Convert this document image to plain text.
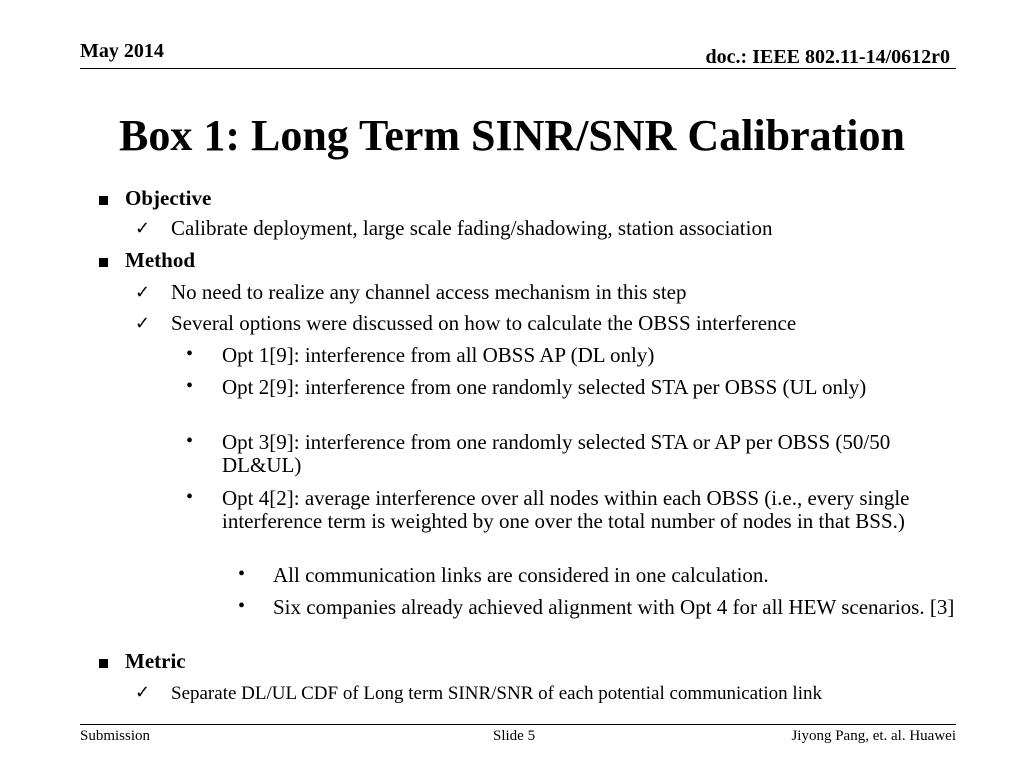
May 2014	doc.: IEEE 802.11-14/0612r0
Box 1: Long Term SINR/SNR Calibration
Objective
✓ Calibrate deployment, large scale fading/shadowing, station association
Method
✓ No need to realize any channel access mechanism in this step
✓ Several options were discussed on how to calculate the OBSS interference
• Opt 1[9]: interference from all OBSS AP (DL only)
• Opt 2[9]: interference from one randomly selected STA per OBSS (UL only)
• Opt 3[9]: interference from one randomly selected STA or AP per OBSS (50/50 DL&UL)
• Opt 4[2]: average interference over all nodes within each OBSS (i.e., every single interference term is weighted by one over the total number of nodes in that BSS.)
• All communication links are considered in one calculation.
• Six companies already achieved alignment with Opt 4 for all HEW scenarios. [3]
Metric
✓ Separate DL/UL CDF of Long term SINR/SNR of each potential communication link
Submission	Slide 5	Jiyong Pang, et. al. Huawei
